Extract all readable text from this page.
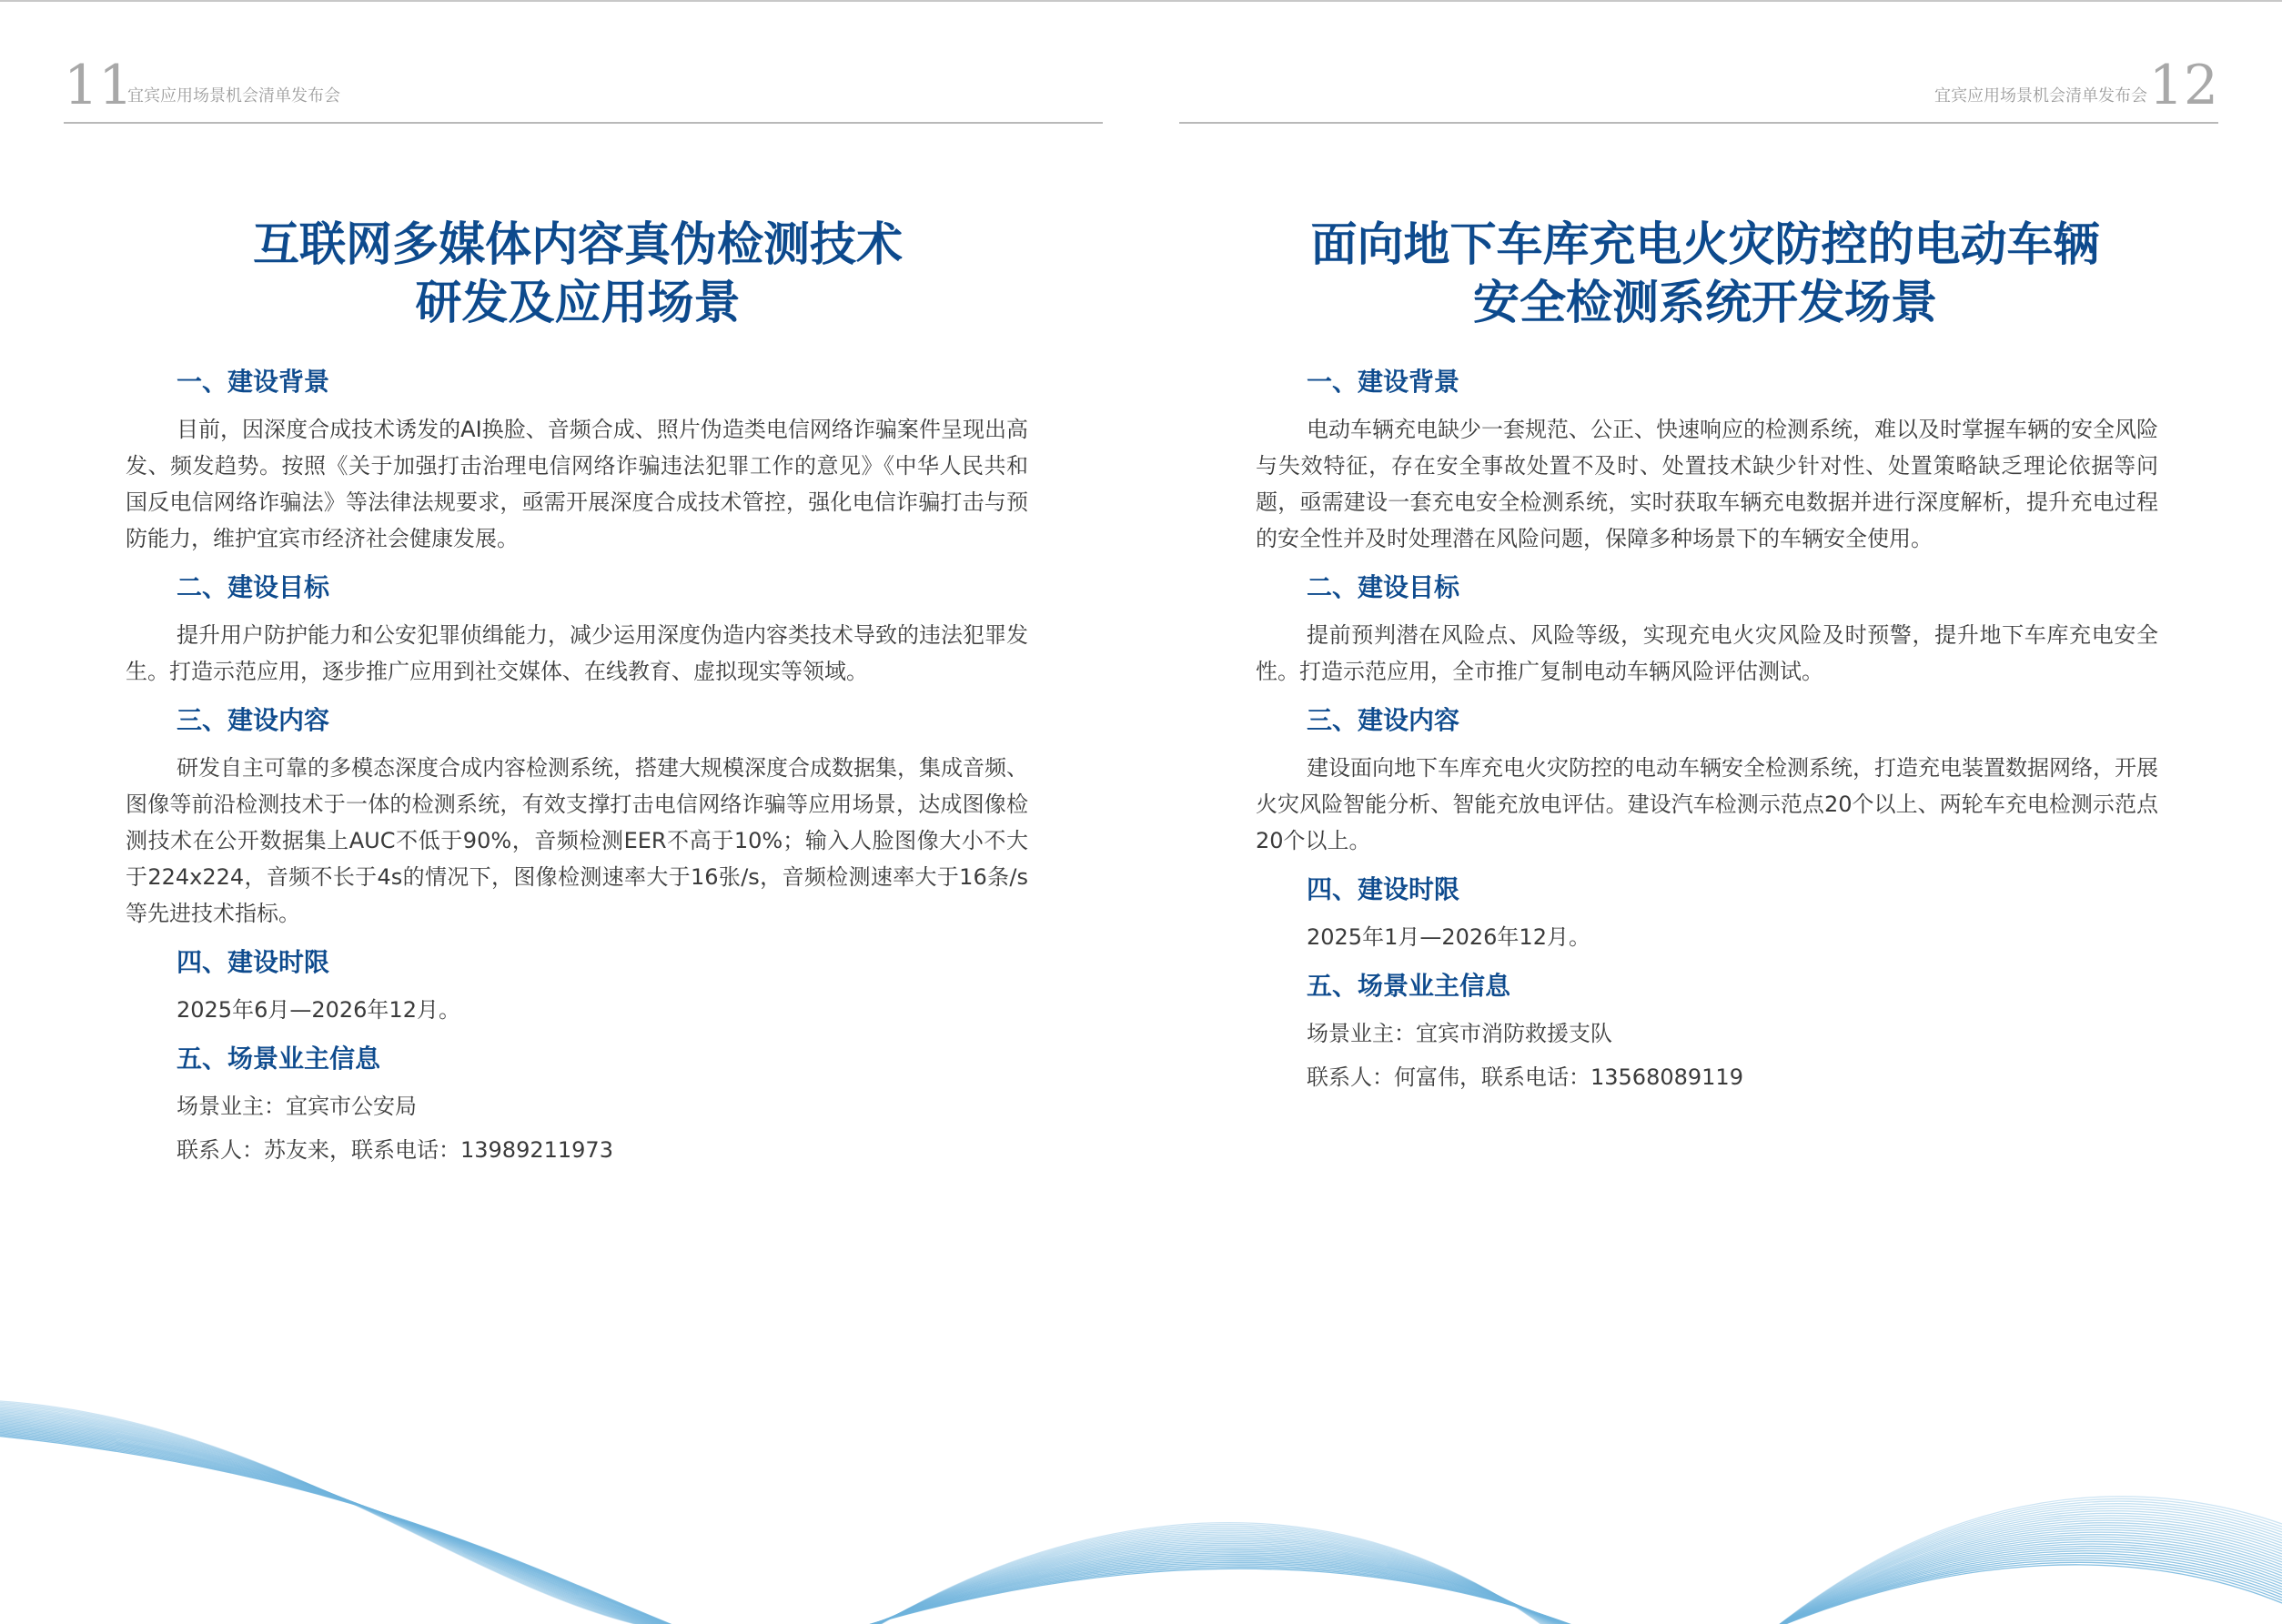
11
宜宾应用场景机会清单发布会
互联网多媒体内容真伪检测技术
研发及应用场景
一、建设背景

目前，因深度合成技术诱发的AI换脸、音频合成、照片伪造类电信网络诈骗案件呈现出高发、频发趋势。按照《关于加强打击治理电信网络诈骗违法犯罪工作的意见》《中华人民共和国反电信网络诈骗法》等法律法规要求，亟需开展深度合成技术管控，强化电信诈骗打击与预防能力，维护宜宾市经济社会健康发展。

二、建设目标

提升用户防护能力和公安犯罪侦缉能力，减少运用深度伪造内容类技术导致的违法犯罪发生。打造示范应用，逐步推广应用到社交媒体、在线教育、虚拟现实等领域。

三、建设内容

研发自主可靠的多模态深度合成内容检测系统，搭建大规模深度合成数据集，集成音频、图像等前沿检测技术于一体的检测系统，有效支撑打击电信网络诈骗等应用场景，达成图像检测技术在公开数据集上AUC不低于90%，音频检测EER不高于10%；输入人脸图像大小不大于224x224，音频不长于4s的情况下，图像检测速率大于16张/s，音频检测速率大于16条/s等先进技术指标。

四、建设时限
2025年6月—2026年12月。
五、场景业主信息
场景业主：宜宾市公安局
联系人：苏友来，联系电话：13989211973
宜宾应用场景机会清单发布会 12
面向地下车库充电火灾防控的电动车辆
安全检测系统开发场景
一、建设背景

电动车辆充电缺少一套规范、公正、快速响应的检测系统，难以及时掌握车辆的安全风险与失效特征，存在安全事故处置不及时、处置技术缺少针对性、处置策略缺乏理论依据等问题，亟需建设一套充电安全检测系统，实时获取车辆充电数据并进行深度解析，提升充电过程的安全性并及时处理潜在风险问题，保障多种场景下的车辆安全使用。

二、建设目标

提前预判潜在风险点、风险等级，实现充电火灾风险及时预警，提升地下车库充电安全性。打造示范应用，全市推广复制电动车辆风险评估测试。

三、建设内容

建设面向地下车库充电火灾防控的电动车辆安全检测系统，打造充电装置数据网络，开展火灾风险智能分析、智能充放电评估。建设汽车检测示范点20个以上、两轮车充电检测示范点20个以上。

四、建设时限
2025年1月—2026年12月。
五、场景业主信息
场景业主：宜宾市消防救援支队
联系人：何富伟，联系电话：13568089119
